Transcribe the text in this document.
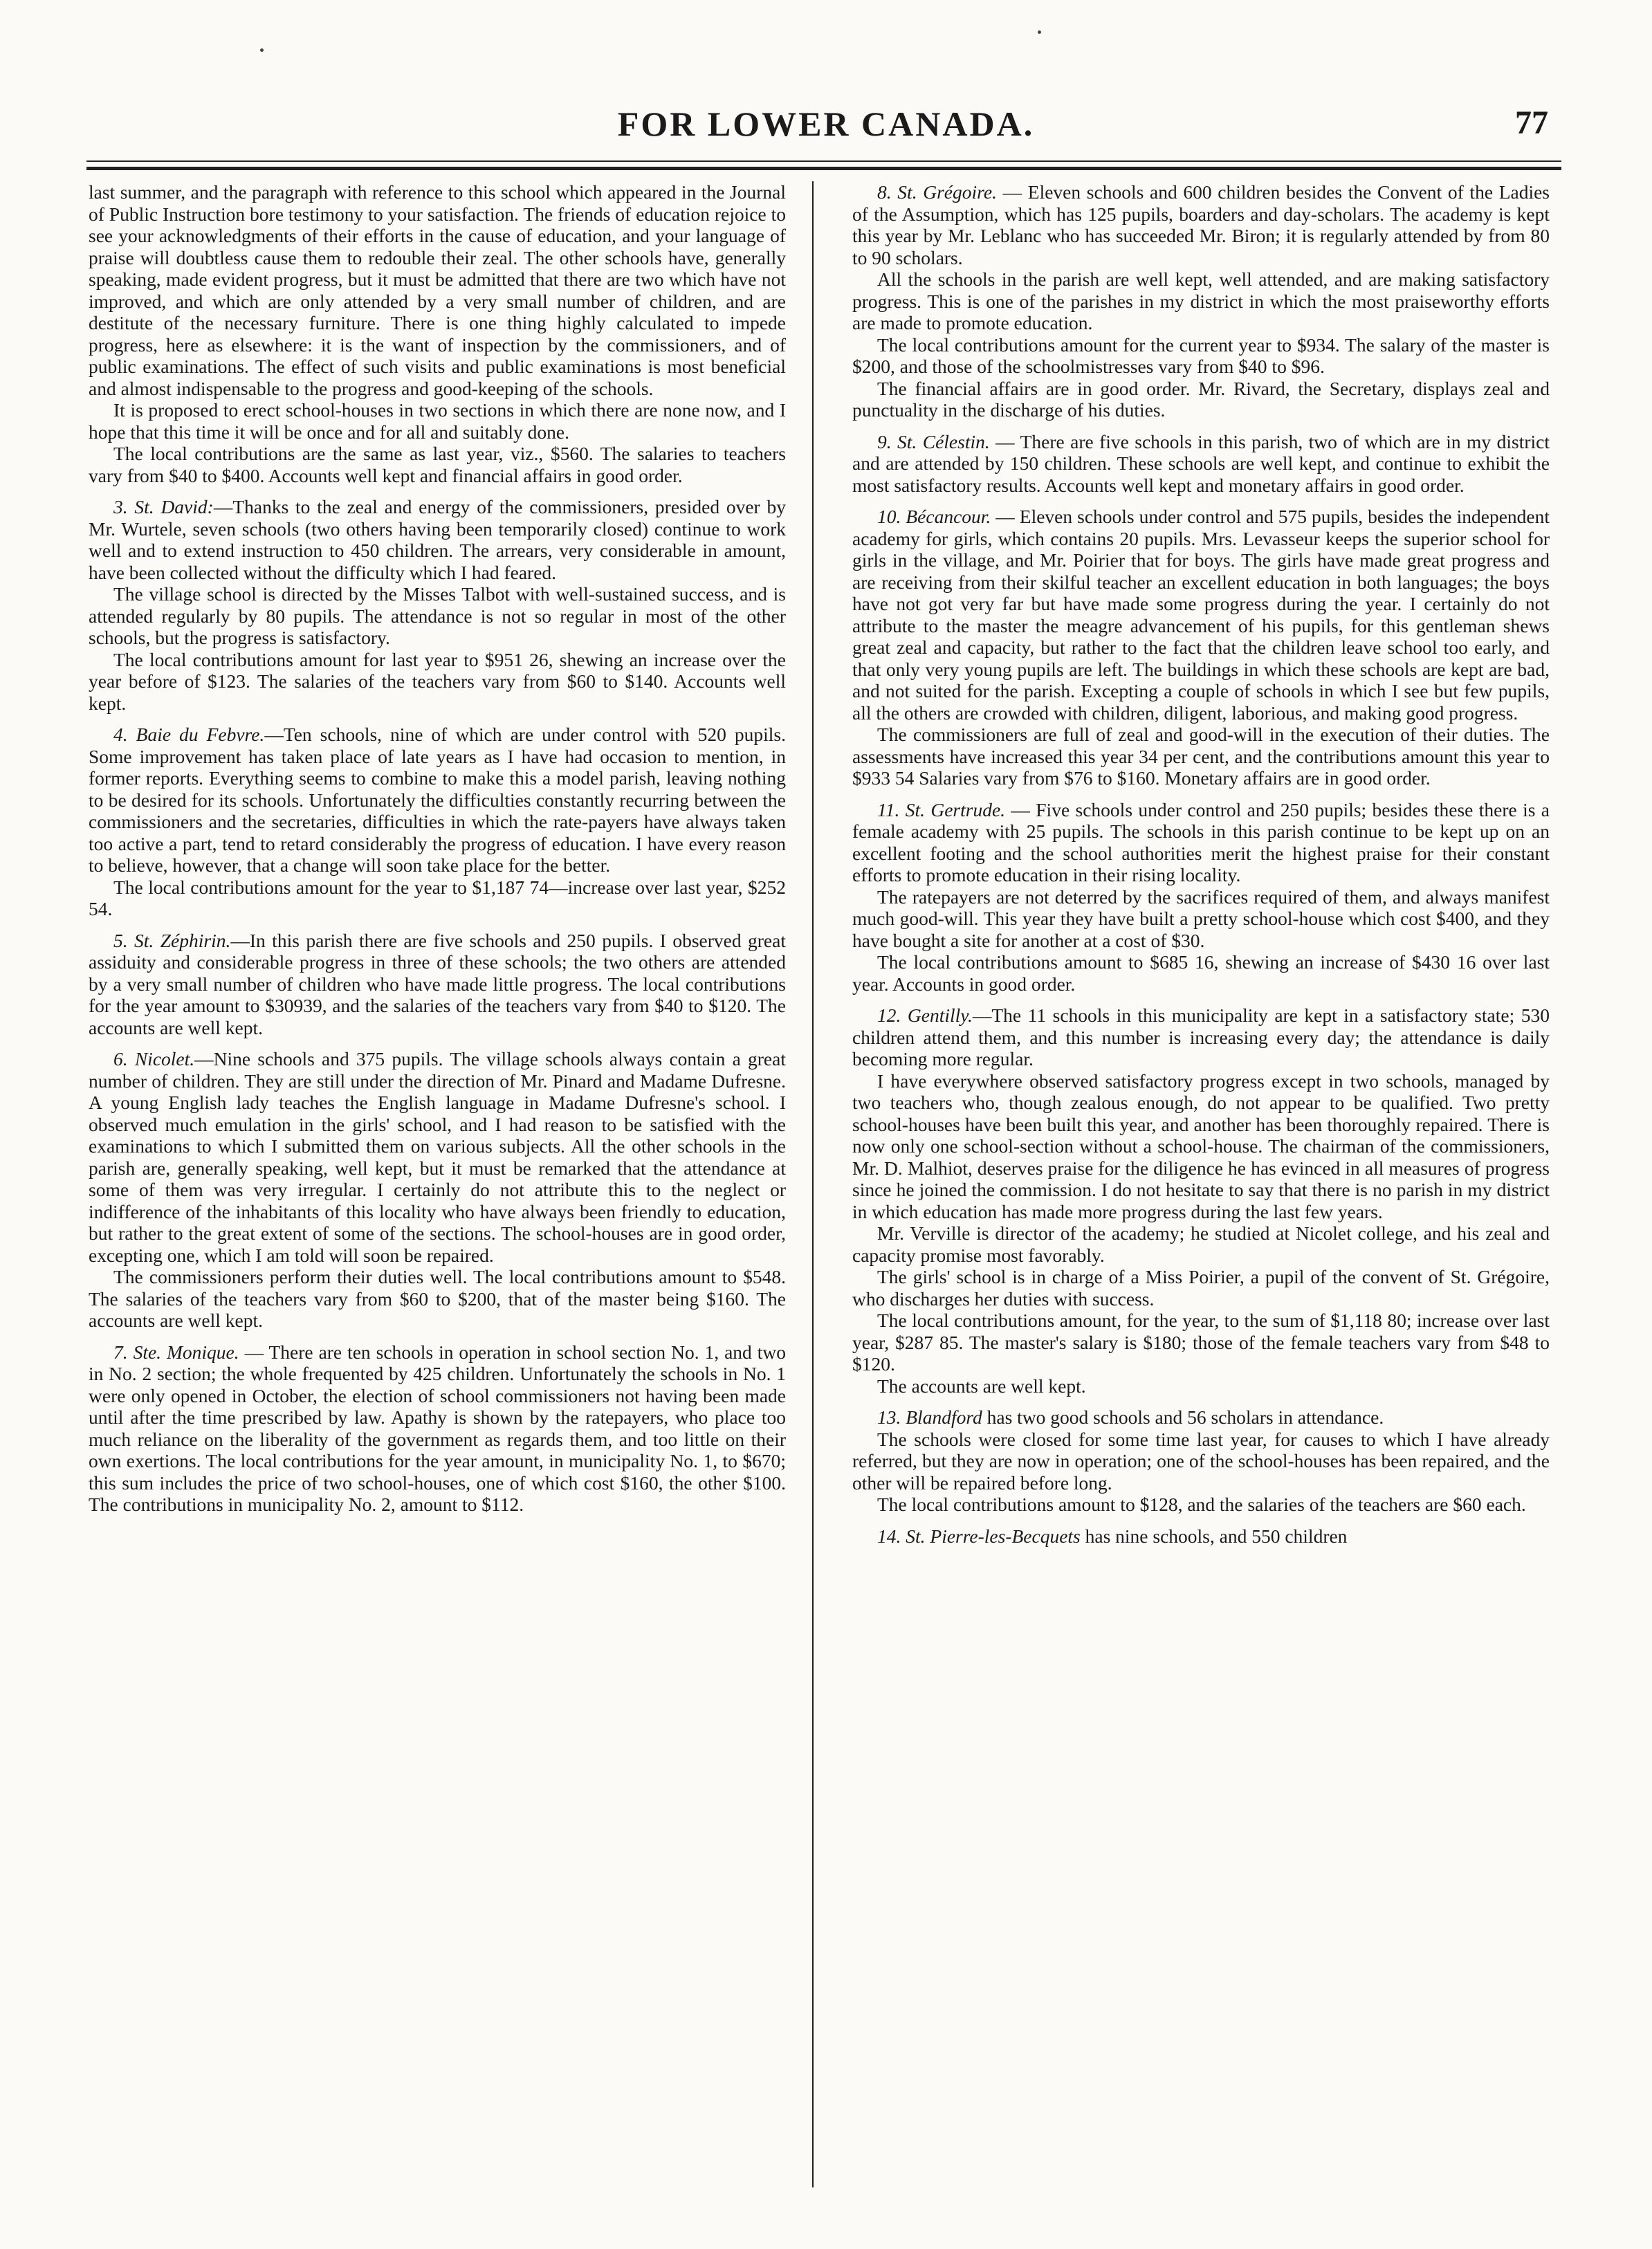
FOR LOWER CANADA.	77

last summer, and the paragraph with reference to this school which appeared in the Journal of Public Instruction bore testimony to your satisfaction. The friends of education rejoice to see your acknowledgments of their efforts in the cause of education, and your language of praise will doubtless cause them to redouble their zeal. The other schools have, generally speaking, made evident progress, but it must be admitted that there are two which have not improved, and which are only attended by a very small number of children, and are destitute of the necessary furniture. There is one thing highly calculated to impede progress, here as elsewhere: it is the want of inspection by the commissioners, and of public examinations. The effect of such visits and public examinations is most beneficial and almost indispensable to the progress and good-keeping of the schools.

It is proposed to erect school-houses in two sections in which there are none now, and I hope that this time it will be once and for all and suitably done.

The local contributions are the same as last year, viz., $560. The salaries to teachers vary from $40 to $400. Accounts well kept and financial affairs in good order.

3. St. David:—Thanks to the zeal and energy of the commissioners, presided over by Mr. Wurtele, seven schools (two others having been temporarily closed) continue to work well and to extend instruction to 450 children. The arrears, very considerable in amount, have been collected without the difficulty which I had feared.

The village school is directed by the Misses Talbot with well-sustained success, and is attended regularly by 80 pupils. The attendance is not so regular in most of the other schools, but the progress is satisfactory.

The local contributions amount for last year to $951 26, shewing an increase over the year before of $123. The salaries of the teachers vary from $60 to $140. Accounts well kept.

4. Baie du Febvre.—Ten schools, nine of which are under control with 520 pupils. Some improvement has taken place of late years as I have had occasion to mention, in former reports. Everything seems to combine to make this a model parish, leaving nothing to be desired for its schools. Unfortunately the difficulties constantly recurring between the commissioners and the secretaries, difficulties in which the rate-payers have always taken too active a part, tend to retard considerably the progress of education. I have every reason to believe, however, that a change will soon take place for the better.

The local contributions amount for the year to $1,187 74—increase over last year, $252 54.

5. St. Zéphirin.—In this parish there are five schools and 250 pupils. I observed great assiduity and considerable progress in three of these schools; the two others are attended by a very small number of children who have made little progress. The local contributions for the year amount to $30939, and the salaries of the teachers vary from $40 to $120. The accounts are well kept.

6. Nicolet.—Nine schools and 375 pupils. The village schools always contain a great number of children. They are still under the direction of Mr. Pinard and Madame Dufresne. A young English lady teaches the English language in Madame Dufresne's school. I observed much emulation in the girls' school, and I had reason to be satisfied with the examinations to which I submitted them on various subjects. All the other schools in the parish are, generally speaking, well kept, but it must be remarked that the attendance at some of them was very irregular. I certainly do not attribute this to the neglect or indifference of the inhabitants of this locality who have always been friendly to education, but rather to the great extent of some of the sections. The school-houses are in good order, excepting one, which I am told will soon be repaired.

The commissioners perform their duties well. The local contributions amount to $548. The salaries of the teachers vary from $60 to $200, that of the master being $160. The accounts are well kept.

7. Ste. Monique. — There are ten schools in operation in school section No. 1, and two in No. 2 section; the whole frequented by 425 children. Unfortunately the schools in No. 1 were only opened in October, the election of school commissioners not having been made until after the time prescribed by law. Apathy is shown by the ratepayers, who place too much reliance on the liberality of the government as regards them, and too little on their own exertions. The local contributions for the year amount, in municipality No. 1, to $670; this sum includes the price of two school-houses, one of which cost $160, the other $100. The contributions in municipality No. 2, amount to $112.

8. St. Grégoire. — Eleven schools and 600 children besides the Convent of the Ladies of the Assumption, which has 125 pupils, boarders and day-scholars. The academy is kept this year by Mr. Leblanc who has succeeded Mr. Biron; it is regularly attended by from 80 to 90 scholars.

All the schools in the parish are well kept, well attended, and are making satisfactory progress. This is one of the parishes in my district in which the most praiseworthy efforts are made to promote education.

The local contributions amount for the current year to $934. The salary of the master is $200, and those of the schoolmistresses vary from $40 to $96.

The financial affairs are in good order. Mr. Rivard, the Secretary, displays zeal and punctuality in the discharge of his duties.

9. St. Célestin. — There are five schools in this parish, two of which are in my district and are attended by 150 children. These schools are well kept, and continue to exhibit the most satisfactory results. Accounts well kept and monetary affairs in good order.

10. Bécancour. — Eleven schools under control and 575 pupils, besides the independent academy for girls, which contains 20 pupils. Mrs. Levasseur keeps the superior school for girls in the village, and Mr. Poirier that for boys. The girls have made great progress and are receiving from their skilful teacher an excellent education in both languages; the boys have not got very far but have made some progress during the year. I certainly do not attribute to the master the meagre advancement of his pupils, for this gentleman shews great zeal and capacity, but rather to the fact that the children leave school too early, and that only very young pupils are left. The buildings in which these schools are kept are bad, and not suited for the parish. Excepting a couple of schools in which I see but few pupils, all the others are crowded with children, diligent, laborious, and making good progress.

The commissioners are full of zeal and good-will in the execution of their duties. The assessments have increased this year 34 per cent, and the contributions amount this year to $933 54 Salaries vary from $76 to $160. Monetary affairs are in good order.

11. St. Gertrude. — Five schools under control and 250 pupils; besides these there is a female academy with 25 pupils. The schools in this parish continue to be kept up on an excellent footing and the school authorities merit the highest praise for their constant efforts to promote education in their rising locality.

The ratepayers are not deterred by the sacrifices required of them, and always manifest much good-will. This year they have built a pretty school-house which cost $400, and they have bought a site for another at a cost of $30.

The local contributions amount to $685 16, shewing an increase of $430 16 over last year. Accounts in good order.

12. Gentilly.—The 11 schools in this municipality are kept in a satisfactory state; 530 children attend them, and this number is increasing every day; the attendance is daily becoming more regular.

I have everywhere observed satisfactory progress except in two schools, managed by two teachers who, though zealous enough, do not appear to be qualified. Two pretty school-houses have been built this year, and another has been thoroughly repaired. There is now only one school-section without a school-house. The chairman of the commissioners, Mr. D. Malhiot, deserves praise for the diligence he has evinced in all measures of progress since he joined the commission. I do not hesitate to say that there is no parish in my district in which education has made more progress during the last few years.

Mr. Verville is director of the academy; he studied at Nicolet college, and his zeal and capacity promise most favorably.

The girls' school is in charge of a Miss Poirier, a pupil of the convent of St. Grégoire, who discharges her duties with success.

The local contributions amount, for the year, to the sum of $1,118 80; increase over last year, $287 85. The master's salary is $180; those of the female teachers vary from $48 to $120.

The accounts are well kept.

13. Blandford has two good schools and 56 scholars in attendance.

The schools were closed for some time last year, for causes to which I have already referred, but they are now in operation; one of the school-houses has been repaired, and the other will be repaired before long.

The local contributions amount to $128, and the salaries of the teachers are $60 each.

14. St. Pierre-les-Becquets has nine schools, and 550 children
